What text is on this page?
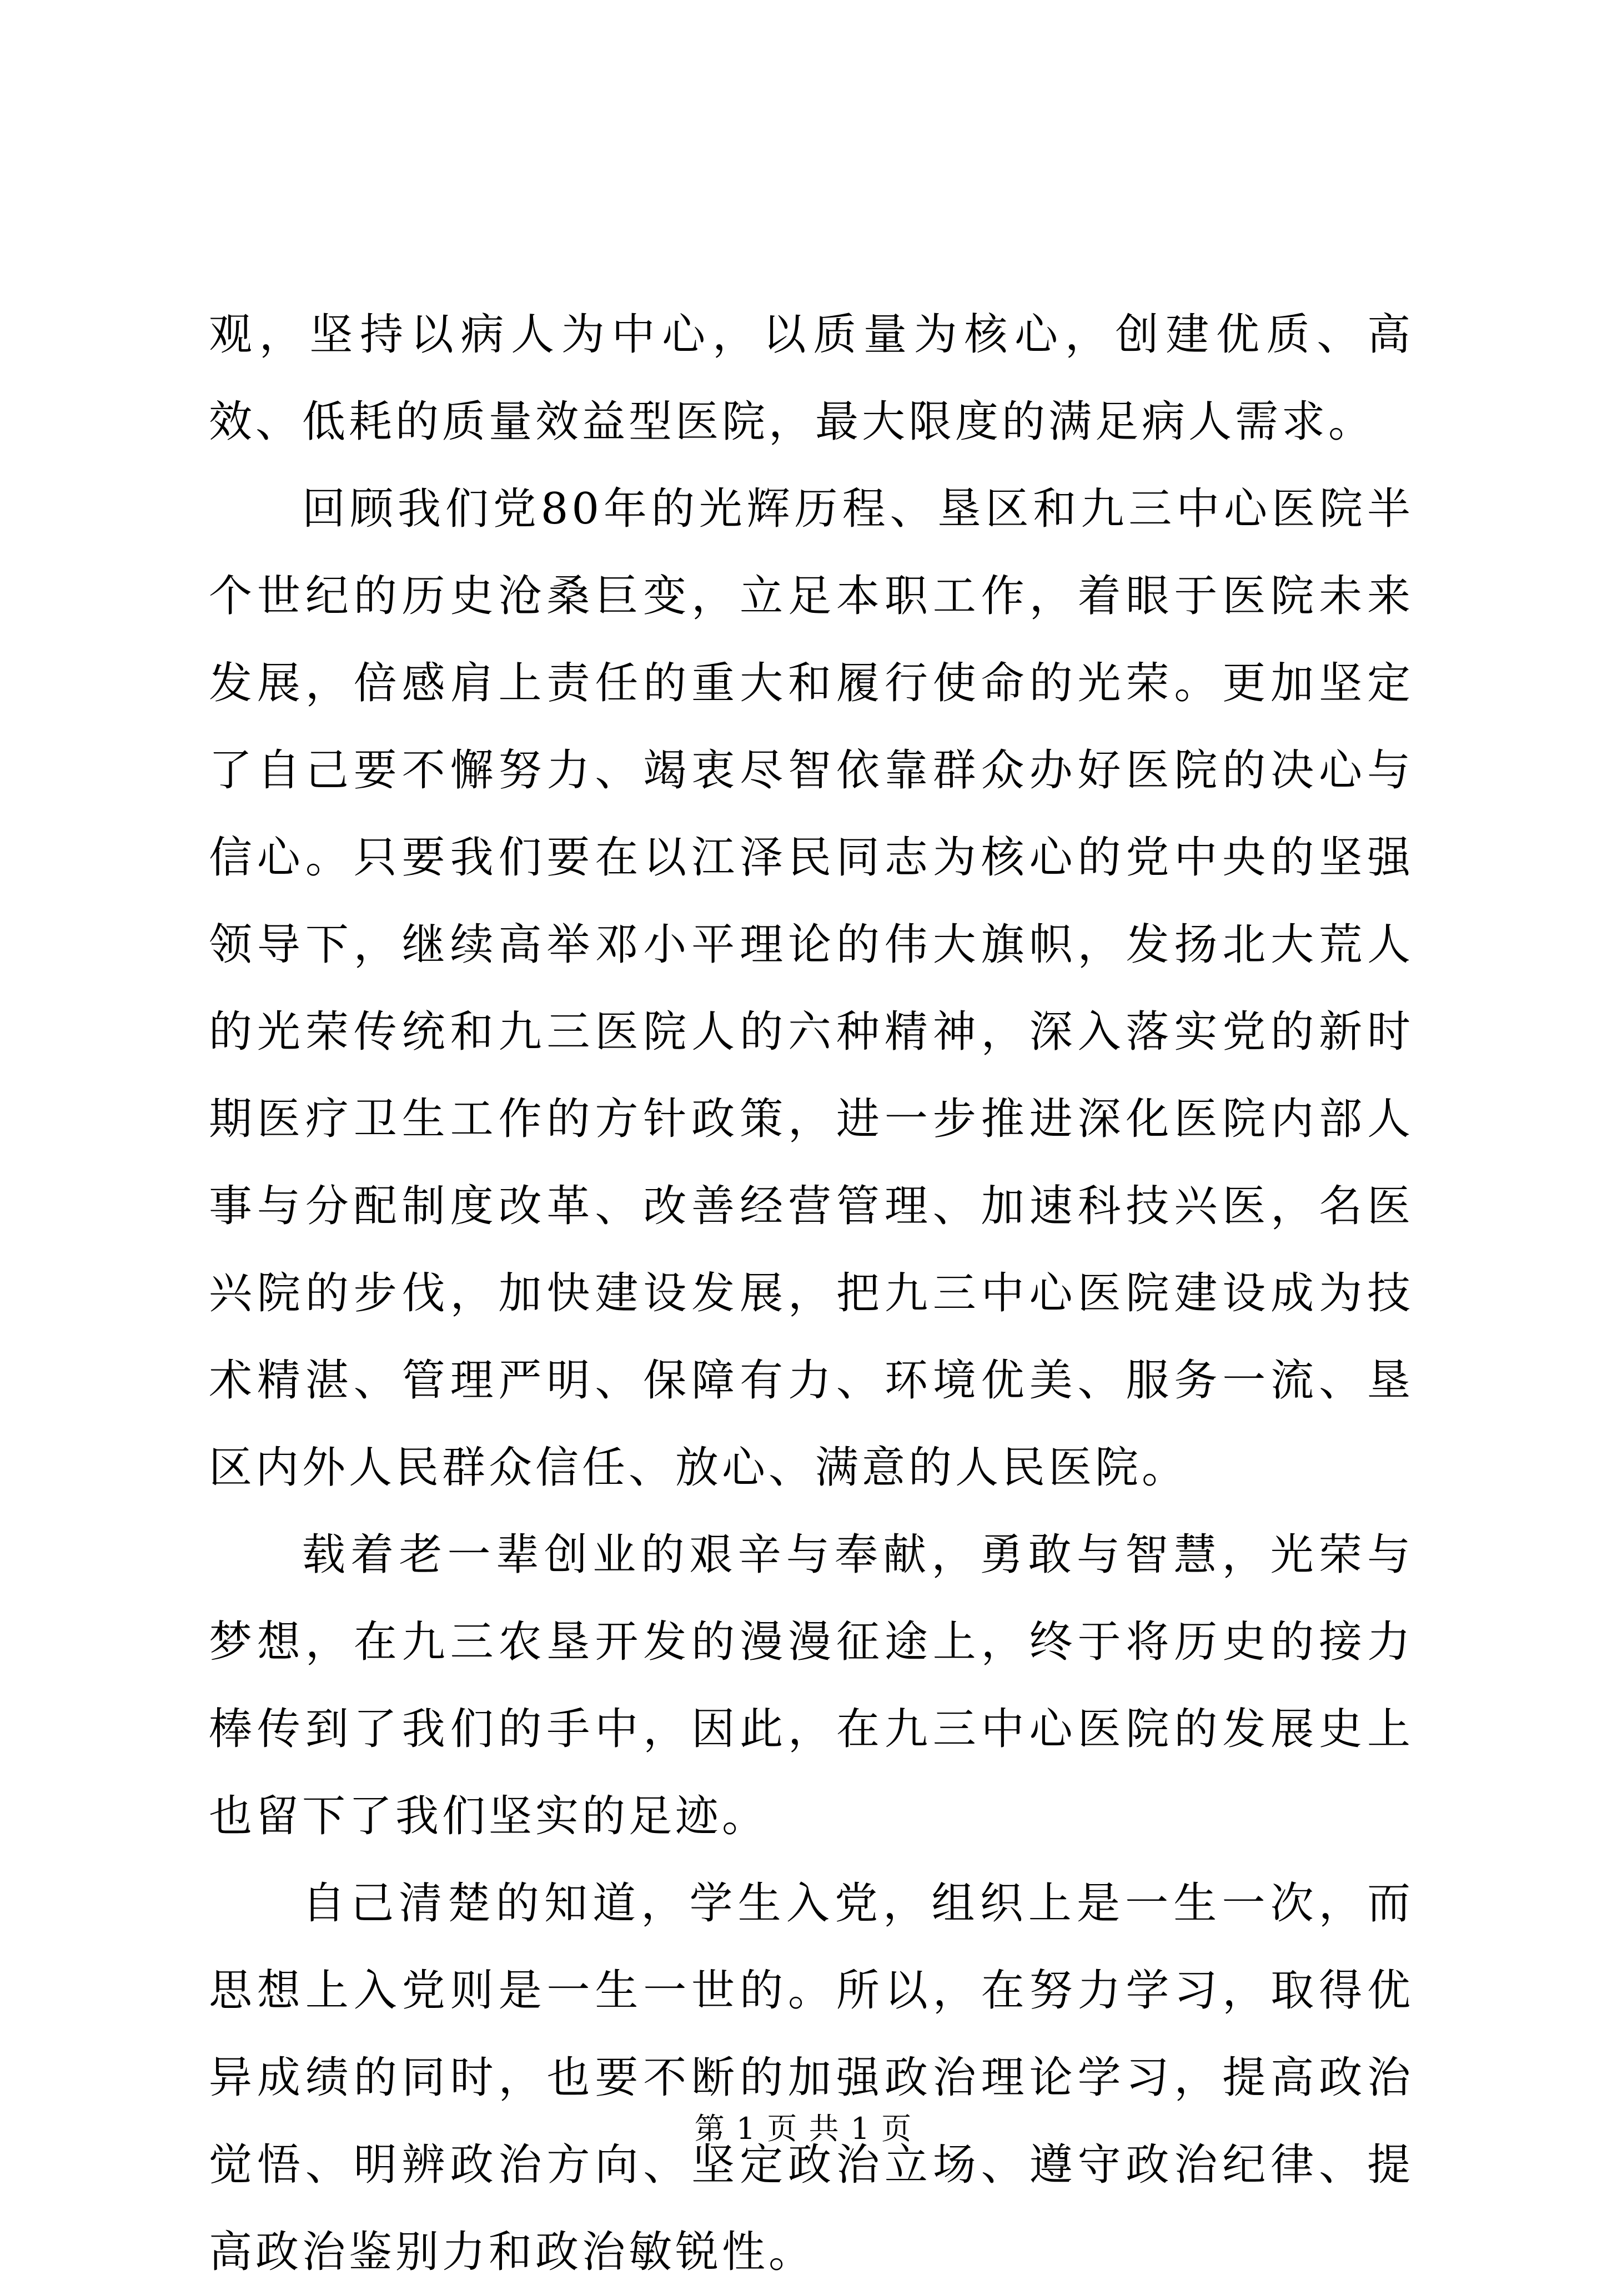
观，坚持以病人为中心，以质量为核心，创建优质、高效、低耗的质量效益型医院，最大限度的满足病人需求。

回顾我们党80年的光辉历程、垦区和九三中心医院半个世纪的历史沧桑巨变，立足本职工作，着眼于医院未来发展，倍感肩上责任的重大和履行使命的光荣。更加坚定了自己要不懈努力、竭衷尽智依靠群众办好医院的决心与信心。只要我们要在以江泽民同志为核心的党中央的坚强领导下，继续高举邓小平理论的伟大旗帜，发扬北大荒人的光荣传统和九三医院人的六种精神，深入落实党的新时期医疗卫生工作的方针政策，进一步推进深化医院内部人事与分配制度改革、改善经营管理、加速科技兴医，名医兴院的步伐，加快建设发展，把九三中心医院建设成为技术精湛、管理严明、保障有力、环境优美、服务一流、垦区内外人民群众信任、放心、满意的人民医院。

载着老一辈创业的艰辛与奉献，勇敢与智慧，光荣与梦想，在九三农垦开发的漫漫征途上，终于将历史的接力棒传到了我们的手中，因此，在九三中心医院的发展史上也留下了我们坚实的足迹。

自己清楚的知道，学生入党，组织上是一生一次，而思想上入党则是一生一世的。所以，在努力学习，取得优异成绩的同时，也要不断的加强政治理论学习，提高政治觉悟、明辨政治方向、坚定政治立场、遵守政治纪律、提高政治鉴别力和政治敏锐性。

第 1 页 共 1 页
